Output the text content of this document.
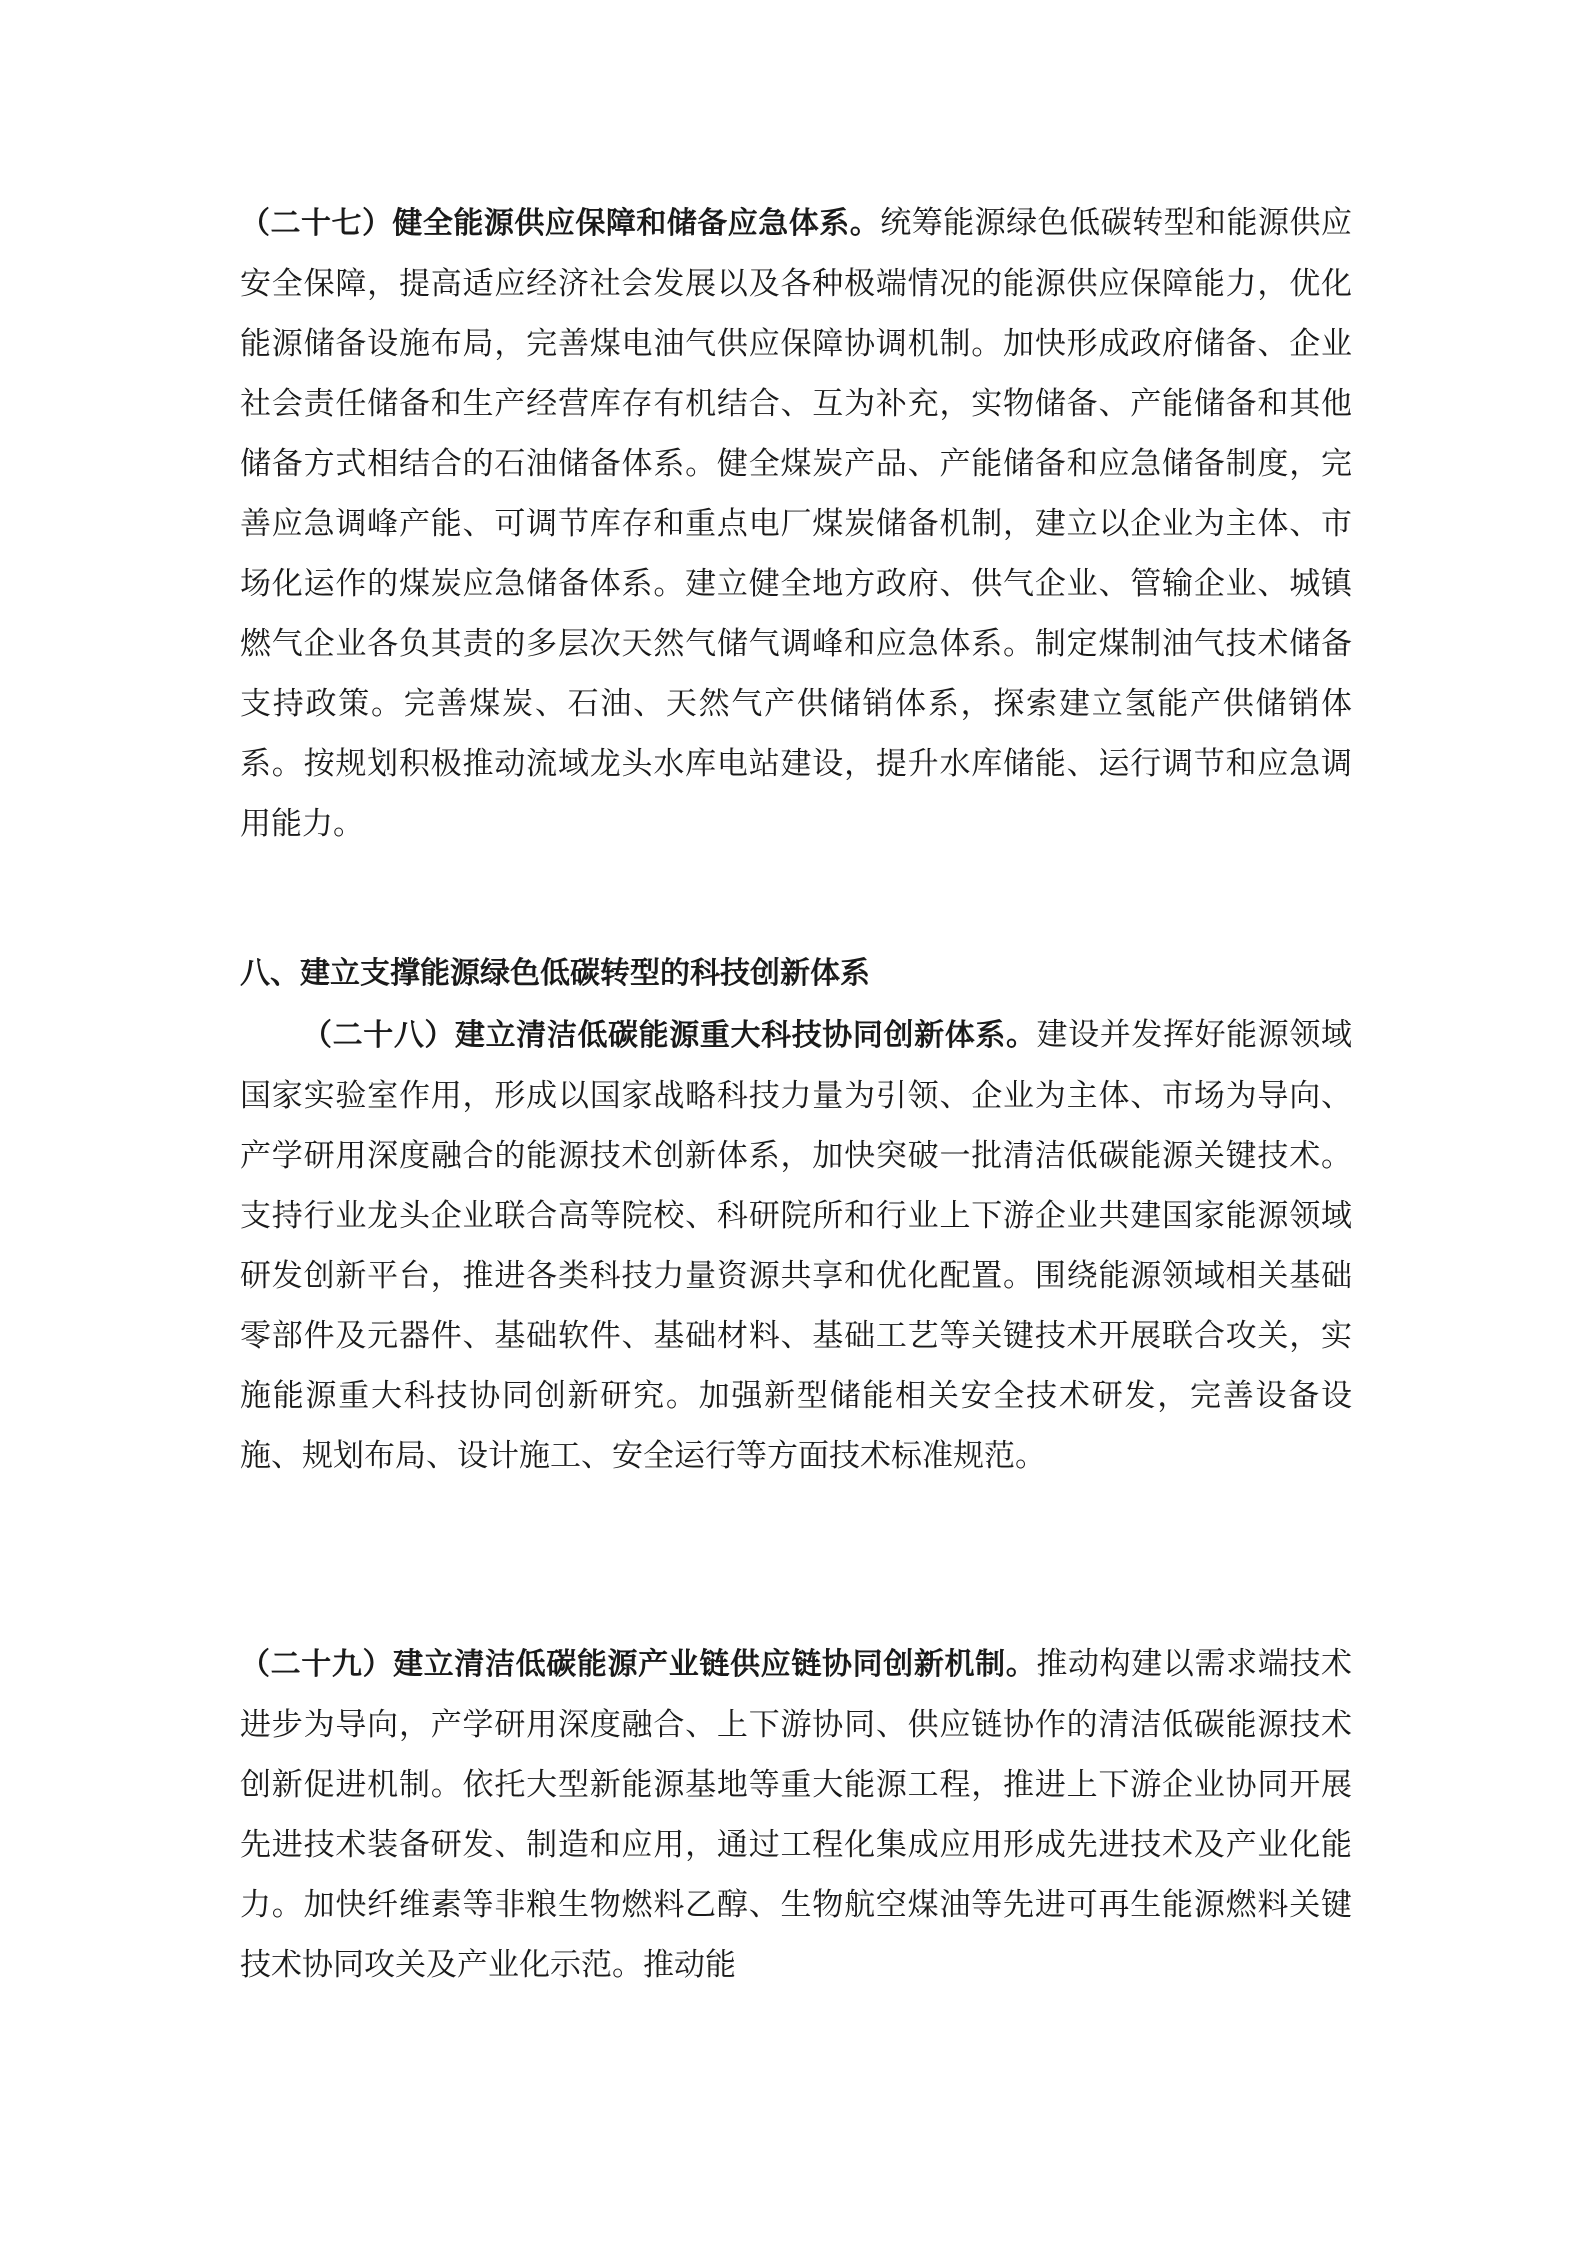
（二十七）健全能源供应保障和储备应急体系。统筹能源绿色低碳转型和能源供应安全保障，提高适应经济社会发展以及各种极端情况的能源供应保障能力，优化能源储备设施布局，完善煤电油气供应保障协调机制。加快形成政府储备、企业社会责任储备和生产经营库存有机结合、互为补充，实物储备、产能储备和其他储备方式相结合的石油储备体系。健全煤炭产品、产能储备和应急储备制度，完善应急调峰产能、可调节库存和重点电厂煤炭储备机制，建立以企业为主体、市场化运作的煤炭应急储备体系。建立健全地方政府、供气企业、管输企业、城镇燃气企业各负其责的多层次天然气储气调峰和应急体系。制定煤制油气技术储备支持政策。完善煤炭、石油、天然气产供储销体系，探索建立氢能产供储销体系。按规划积极推动流域龙头水库电站建设，提升水库储能、运行调节和应急调用能力。

八、建立支撑能源绿色低碳转型的科技创新体系

（二十八）建立清洁低碳能源重大科技协同创新体系。建设并发挥好能源领域国家实验室作用，形成以国家战略科技力量为引领、企业为主体、市场为导向、产学研用深度融合的能源技术创新体系，加快突破一批清洁低碳能源关键技术。支持行业龙头企业联合高等院校、科研院所和行业上下游企业共建国家能源领域研发创新平台，推进各类科技力量资源共享和优化配置。围绕能源领域相关基础零部件及元器件、基础软件、基础材料、基础工艺等关键技术开展联合攻关，实施能源重大科技协同创新研究。加强新型储能相关安全技术研发，完善设备设施、规划布局、设计施工、安全运行等方面技术标准规范。

（二十九）建立清洁低碳能源产业链供应链协同创新机制。推动构建以需求端技术进步为导向，产学研用深度融合、上下游协同、供应链协作的清洁低碳能源技术创新促进机制。依托大型新能源基地等重大能源工程，推进上下游企业协同开展先进技术装备研发、制造和应用，通过工程化集成应用形成先进技术及产业化能力。加快纤维素等非粮生物燃料乙醇、生物航空煤油等先进可再生能源燃料关键技术协同攻关及产业化示范。推动能
